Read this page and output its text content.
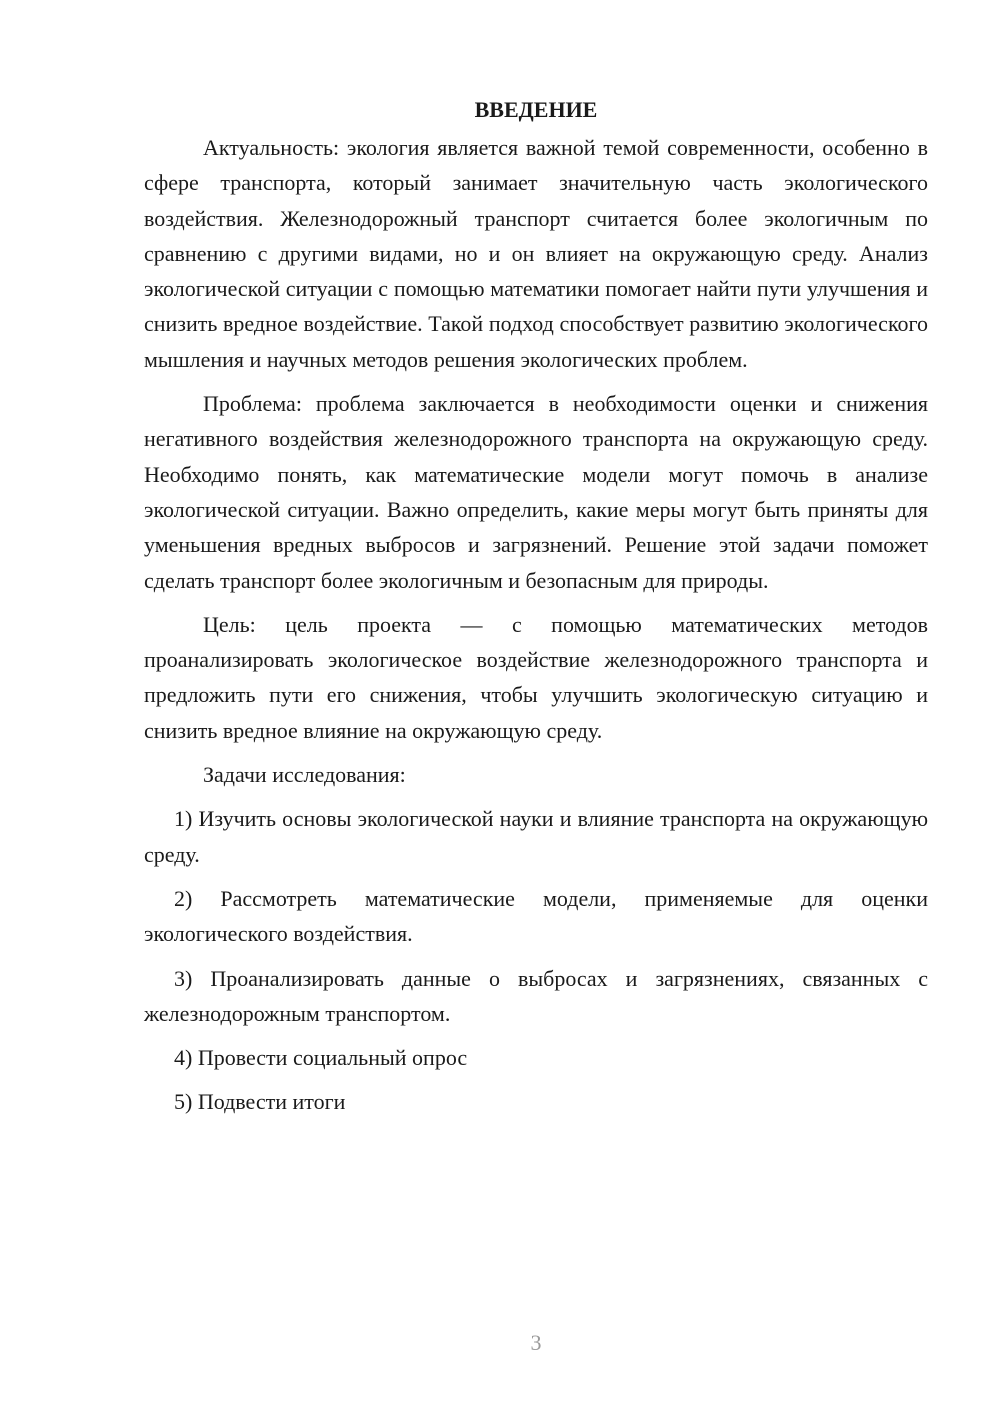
ВВЕДЕНИЕ

Актуальность: экология является важной темой современности, особенно в сфере транспорта, который занимает значительную часть экологического воздействия. Железнодорожный транспорт считается более экологичным по сравнению с другими видами, но и он влияет на окружающую среду. Анализ экологической ситуации с помощью математики помогает найти пути улучшения и снизить вредное воздействие. Такой подход способствует развитию экологического мышления и научных методов решения экологических проблем.

Проблема: проблема заключается в необходимости оценки и снижения негативного воздействия железнодорожного транспорта на окружающую среду. Необходимо понять, как математические модели могут помочь в анализе экологической ситуации. Важно определить, какие меры могут быть приняты для уменьшения вредных выбросов и загрязнений. Решение этой задачи поможет сделать транспорт более экологичным и безопасным для природы.

Цель: цель проекта — с помощью математических методов проанализировать экологическое воздействие железнодорожного транспорта и предложить пути его снижения, чтобы улучшить экологическую ситуацию и снизить вредное влияние на окружающую среду.

Задачи исследования:

1) Изучить основы экологической науки и влияние транспорта на окружающую среду.
2) Рассмотреть математические модели, применяемые для оценки экологического воздействия.
3) Проанализировать данные о выбросах и загрязнениях, связанных с железнодорожным транспортом.
4) Провести социальный опрос
5) Подвести итоги
3
